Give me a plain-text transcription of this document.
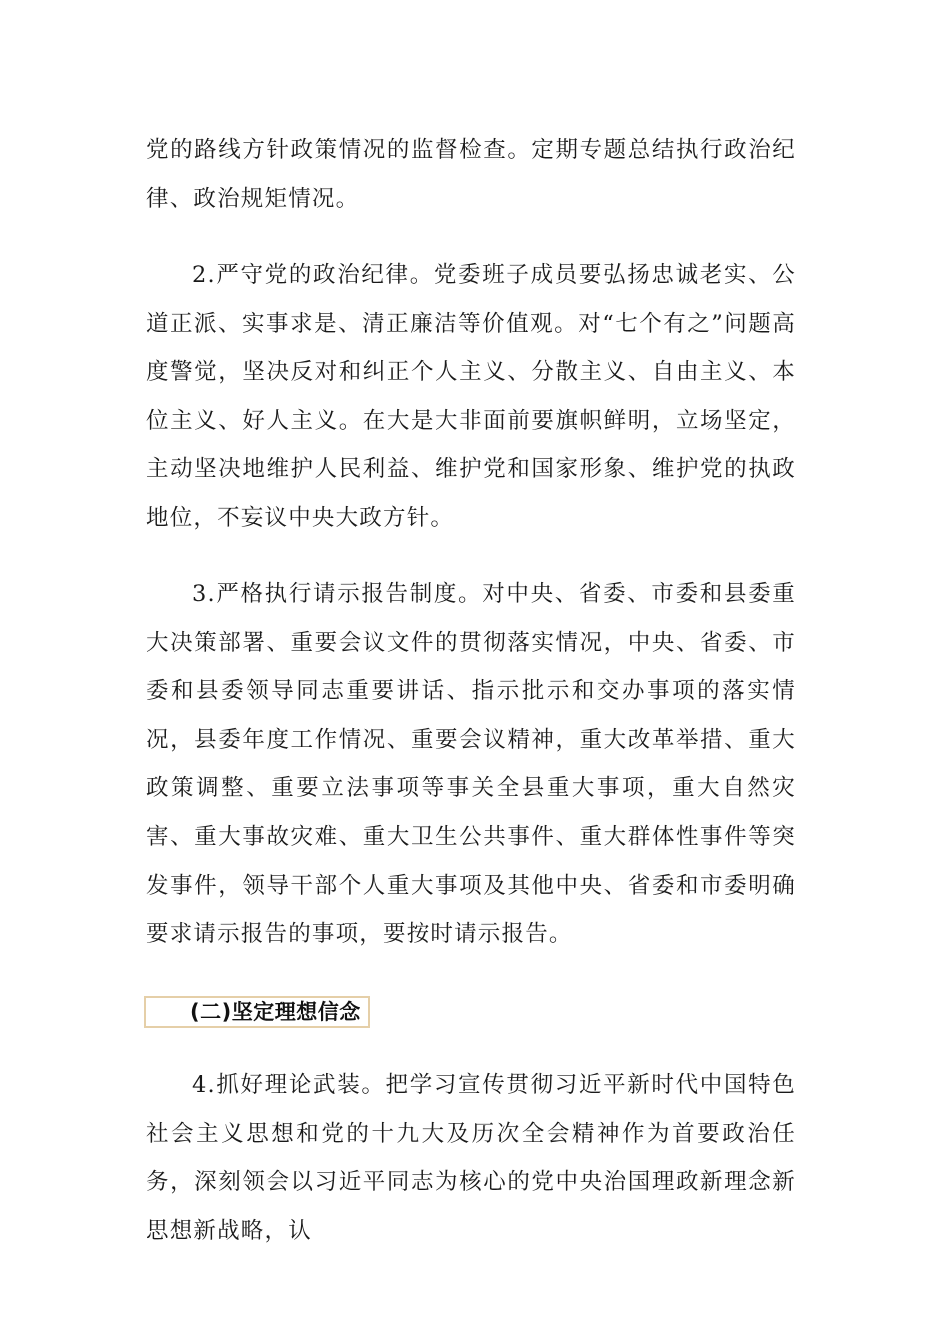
党的路线方针政策情况的监督检查。定期专题总结执行政治纪律、政治规矩情况。

2.严守党的政治纪律。党委班子成员要弘扬忠诚老实、公道正派、实事求是、清正廉洁等价值观。对“七个有之”问题高度警觉，坚决反对和纠正个人主义、分散主义、自由主义、本位主义、好人主义。在大是大非面前要旗帜鲜明，立场坚定，主动坚决地维护人民利益、维护党和国家形象、维护党的执政地位，不妄议中央大政方针。

3.严格执行请示报告制度。对中央、省委、市委和县委重大决策部署、重要会议文件的贯彻落实情况，中央、省委、市委和县委领导同志重要讲话、指示批示和交办事项的落实情况，县委年度工作情况、重要会议精神，重大改革举措、重大政策调整、重要立法事项等事关全县重大事项，重大自然灾害、重大事故灾难、重大卫生公共事件、重大群体性事件等突发事件，领导干部个人重大事项及其他中央、省委和市委明确要求请示报告的事项，要按时请示报告。

(二)坚定理想信念

4.抓好理论武装。把学习宣传贯彻习近平新时代中国特色社会主义思想和党的十九大及历次全会精神作为首要政治任务，深刻领会以习近平同志为核心的党中央治国理政新理念新思想新战略，认
